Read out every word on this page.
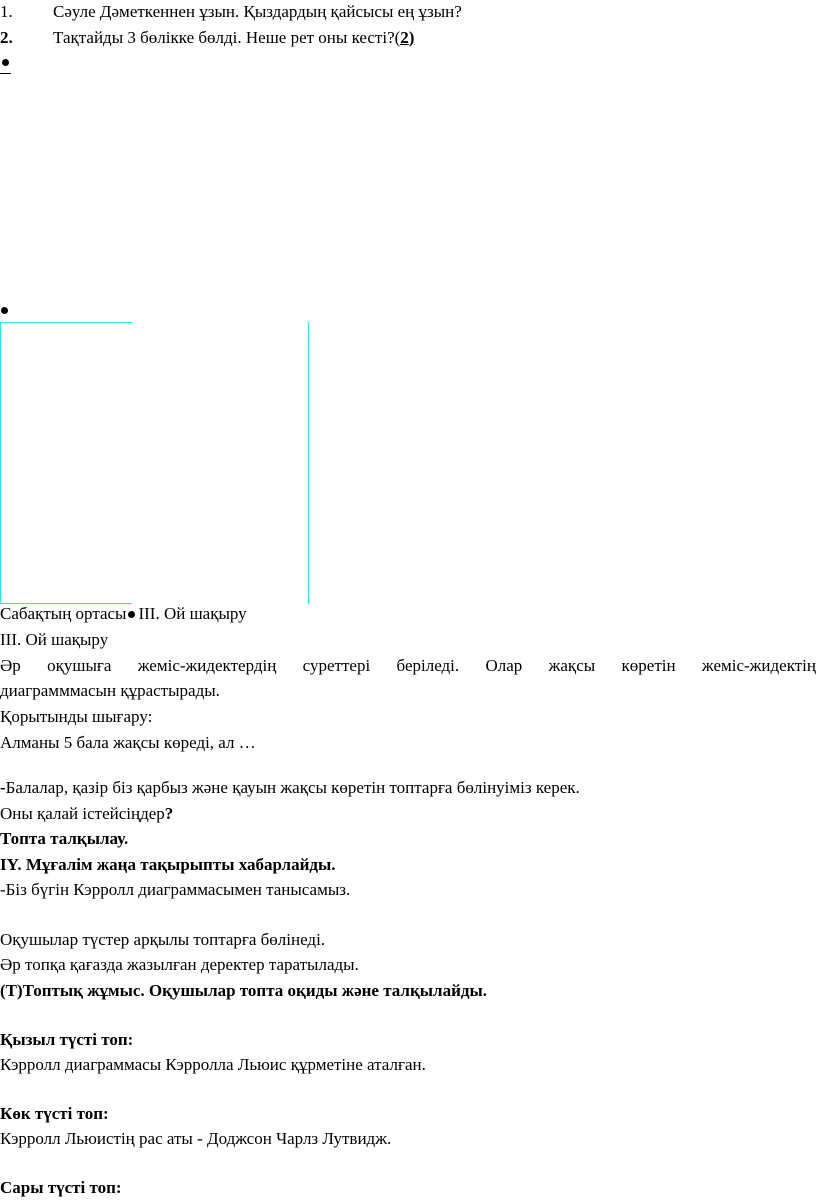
1.	Сәуле Дәметкеннен ұзын. Қыздардың қайсысы ең ұзын?
2.	Тақтайды 3 бөлікке бөлді. Неше рет оны кесті?(2)
Сабақтың ортасы III. Ой шақыру
III. Ой шақыру
Әр оқушыға жеміс-жидектердің суреттері беріледі. Олар жақсы көретін жеміс-жидектің
диаграмммасын құрастырады.
Қорытынды шығару:
Алманы 5 бала жақсы көреді, ал …
-Балалар, қазір біз қарбыз және қауын жақсы көретін топтарға бөлінуіміз керек.
Оны қалай істейсіңдер?
Топта талқылау.
IY. Мұғалім жаңа тақырыпты хабарлайды.
-Біз бүгін Кэрролл диаграммасымен танысамыз.
Оқушылар түстер арқылы топтарға бөлінеді.
Әр топқа қағазда жазылған деректер таратылады.
(Т)Топтық жұмыс. Оқушылар топта оқиды және талқылайды.
Қызыл түсті топ:
Кэрролл диаграммасы Кэрролла Льюис құрметіне аталған.
Көк түсті топ:
Кэрролл Льюистің рас аты - Доджсон Чарлз Лутвидж.
Сары түсті топ:
